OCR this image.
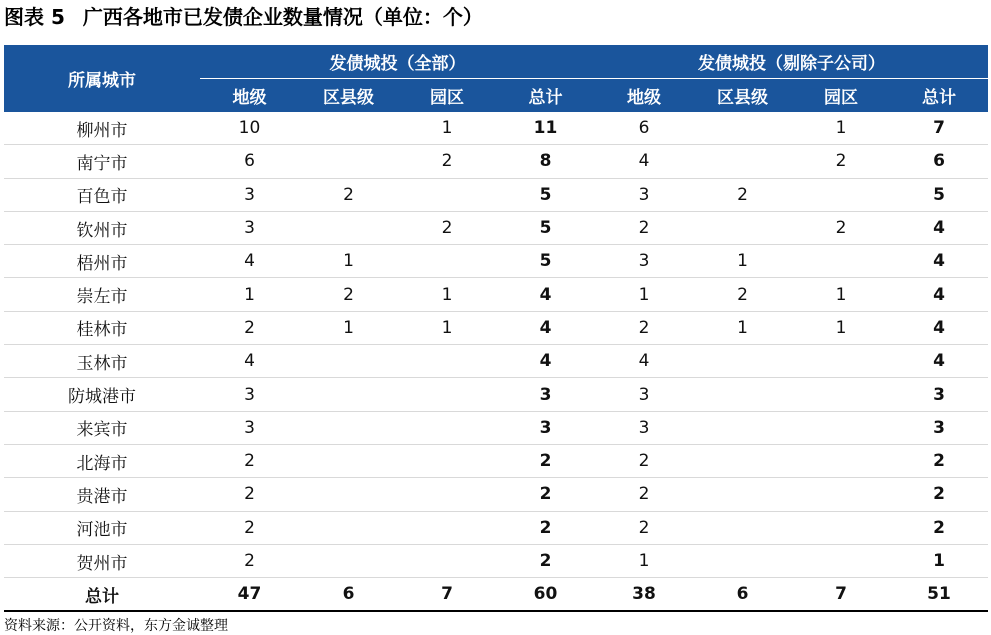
图表 5 广西各地市已发债企业数量情况（单位：个）
所属城市	发债城投（全部）				发债城投（剔除子公司）			
	地级	区县级	园区	总计	地级	区县级	园区	总计
柳州市	10		1	11	6		1	7
南宁市	6		2	8	4		2	6
百色市	3	2		5	3	2		5
钦州市	3		2	5	2		2	4
梧州市	4	1		5	3	1		4
崇左市	1	2	1	4	1	2	1	4
桂林市	2	1	1	4	2	1	1	4
玉林市	4			4	4			4
防城港市	3			3	3			3
来宾市	3			3	3			3
北海市	2			2	2			2
贵港市	2			2	2			2
河池市	2			2	2			2
贺州市	2			2	1			1
总计	47	6	7	60	38	6	7	51
资料来源：公开资料，东方金诚整理
